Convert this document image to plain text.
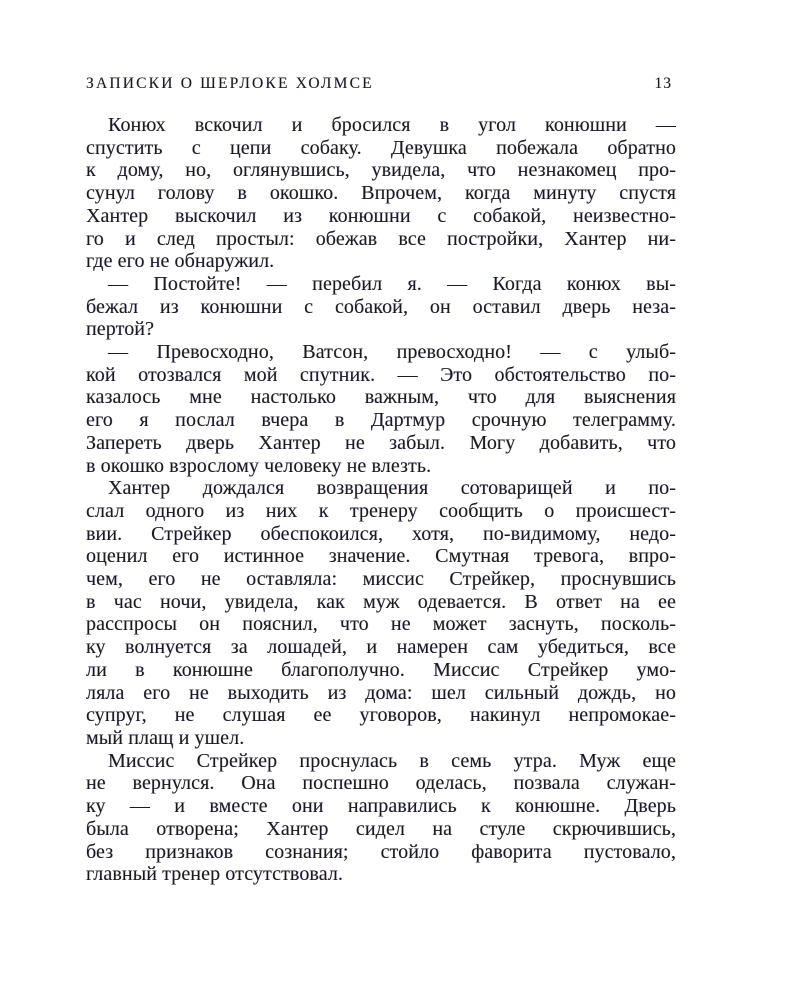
ЗАПИСКИ О ШЕРЛОКЕ ХОЛМСЕ	13
Конюх вскочил и бросился в угол конюшни —
спустить с цепи собаку. Девушка побежала обратно
к дому, но, оглянувшись, увидела, что незнакомец про-
сунул голову в окошко. Впрочем, когда минуту спустя
Хантер выскочил из конюшни с собакой, неизвестно-
го и след простыл: обежав все постройки, Хантер ни-
где его не обнаружил.
— Постойте! — перебил я. — Когда конюх вы-
бежал из конюшни с собакой, он оставил дверь неза-
пертой?
— Превосходно, Ватсон, превосходно! — с улыб-
кой отозвался мой спутник. — Это обстоятельство по-
казалось мне настолько важным, что для выяснения
его я послал вчера в Дартмур срочную телеграмму.
Запереть дверь Хантер не забыл. Могу добавить, что
в окошко взрослому человеку не влезть.
Хантер дождался возвращения сотоварищей и по-
слал одного из них к тренеру сообщить о происшест-
вии. Стрейкер обеспокоился, хотя, по-видимому, недо-
оценил его истинное значение. Смутная тревога, впро-
чем, его не оставляла: миссис Стрейкер, проснувшись
в час ночи, увидела, как муж одевается. В ответ на ее
расспросы он пояснил, что не может заснуть, посколь-
ку волнуется за лошадей, и намерен сам убедиться, все
ли в конюшне благополучно. Миссис Стрейкер умо-
ляла его не выходить из дома: шел сильный дождь, но
супруг, не слушая ее уговоров, накинул непромокае-
мый плащ и ушел.
Миссис Стрейкер проснулась в семь утра. Муж еще
не вернулся. Она поспешно оделась, позвала служан-
ку — и вместе они направились к конюшне. Дверь
была отворена; Хантер сидел на стуле скрючившись,
без признаков сознания; стойло фаворита пустовало,
главный тренер отсутствовал.
